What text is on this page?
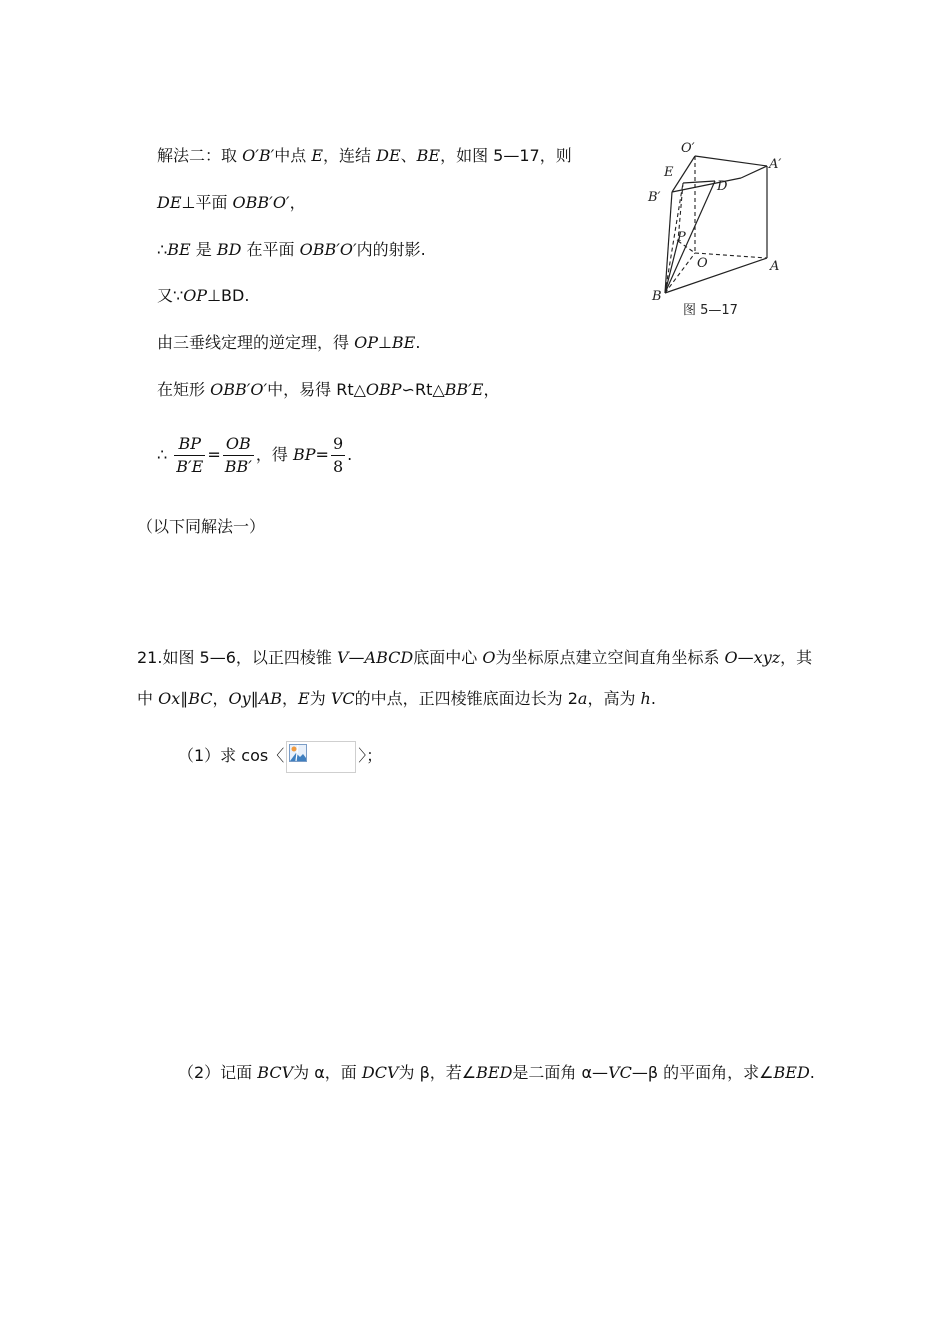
解法二：取 O′B′中点 E，连结 DE、BE，如图 5—17，则
DE⊥平面 OBB′O′，
∴BE 是 BD 在平面 OBB′O′内的射影.
又∵OP⊥BD.
由三垂线定理的逆定理，得 OP⊥BE.
在矩形 OBB′O′中，易得 Rt△OBP∽Rt△BB′E，
∴ $\frac{BP}{B'E} = \frac{OB}{BB'}$ ，得 $BP= \frac{9}{8}$ .
（以下同解法一）
O′
A′
E
D
B′
P
O	A
B
图 5—17
21.如图 5—6，以正四棱锥 V—ABCD底面中心 O为坐标原点建立空间直角坐标系 O—xyz，其
中 Ox∥BC，Oy∥AB，E为 VC的中点，正四棱锥底面边长为 2a，高为 h.
（1）求 cos〈	〉；
（2）记面 BCV为 α，面 DCV为 β，若∠BED是二面角 α—VC—β 的平面角，求∠BED.
